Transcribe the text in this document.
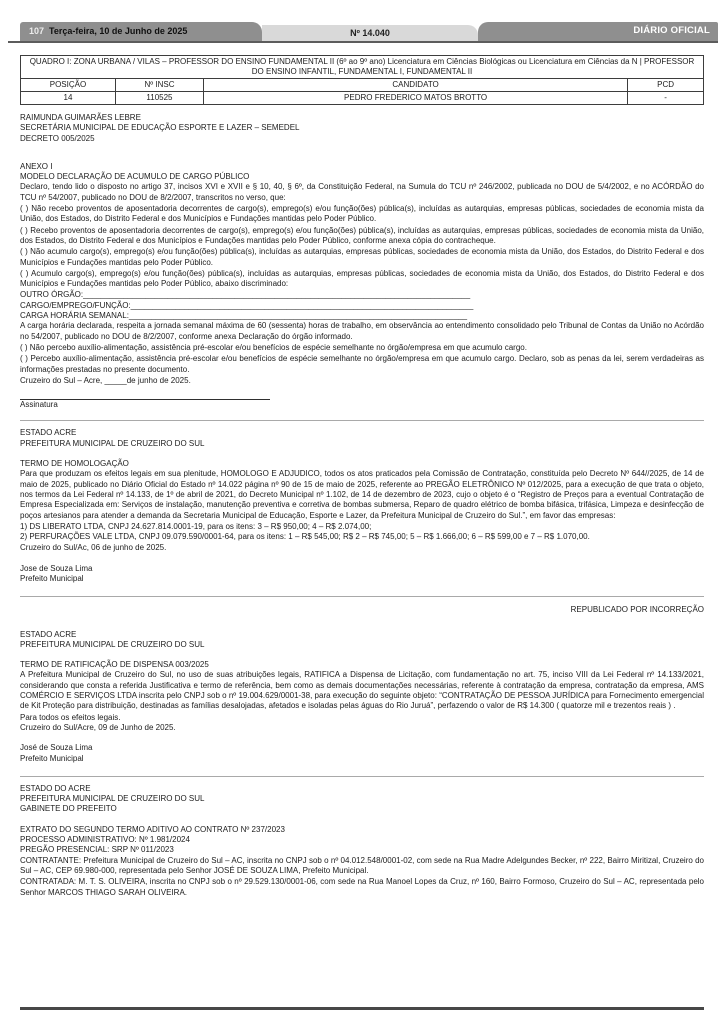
107 Terça-feira, 10 de Junho de 2025	Nº 14.040	DIÁRIO OFICIAL
QUADRO I: ZONA URBANA / VILAS – PROFESSOR DO ENSINO FUNDAMENTAL II (6º ao 9º ano) Licenciatura em Ciências Biológicas ou Licenciatura em Ciências da N | PROFESSOR DO ENSINO INFANTIL, FUNDAMENTAL I, FUNDAMENTAL II			
POSIÇÃO	Nº INSC	CANDIDATO	PCD
14	110525	PEDRO FREDERICO MATOS BROTTO	-
RAIMUNDA GUIMARÃES LEBRE
SECRETÁRIA MUNICIPAL DE EDUCAÇÃO ESPORTE E LAZER – SEMEDEL
DECRETO 005/2025
ANEXO I
MODELO DECLARAÇÃO DE ACUMULO DE CARGO PÚBLICO
Declaro, tendo lido o disposto no artigo 37, incisos XVI e XVII e § 10, 40, § 6º, da Constituição Federal, na Sumula do TCU nº 246/2002, publicada no DOU de 5/4/2002, e no ACÓRDÃO do TCU nº 54/2007, publicado no DOU de 8/2/2007, transcritos no verso, que:
( ) Não recebo proventos de aposentadoria decorrentes de cargo(s), emprego(s) e/ou função(ões) pública(s), incluídas as autarquias, empresas públicas, sociedades de economia mista da União, dos Estados, do Distrito Federal e dos Municípios e Fundações mantidas pelo Poder Público.
( ) Recebo proventos de aposentadoria decorrentes de cargo(s), emprego(s) e/ou função(ões) pública(s), incluídas as autarquias, empresas públicas, sociedades de economia mista da União, dos Estados, do Distrito Federal e dos Municípios e Fundações mantidas pelo Poder Público, conforme anexa cópia do contracheque.
( ) Não acumulo cargo(s), emprego(s) e/ou função(ões) pública(s), incluídas as autarquias, empresas públicas, sociedades de economia mista da União, dos Estados, do Distrito Federal e dos Municípios e Fundações mantidas pelo Poder Público.
( ) Acumulo cargo(s), emprego(s) e/ou função(ões) pública(s), incluídas as autarquias, empresas públicas, sociedades de economia mista da União, dos Estados, do Distrito Federal e dos Municípios e Fundações mantidas pelo Poder Público, abaixo discriminado:
OUTRO ÓRGÃO:_______________________________________________________________________________________
CARGO/EMPREGO/FUNÇÃO:_____________________________________________________________________________
CARGA HORÁRIA SEMANAL:____________________________________________________________________________
A carga horária declarada, respeita a jornada semanal máxima de 60 (sessenta) horas de trabalho, em observância ao entendimento consolidado pelo Tribunal de Contas da União no Acórdão no 54/2007, publicado no DOU de 8/2/2007, conforme anexa Declaração do órgão informado.
( ) Não percebo auxílio-alimentação, assistência pré-escolar e/ou benefícios de espécie semelhante no órgão/empresa em que acumulo cargo.
( ) Percebo auxílio-alimentação, assistência pré-escolar e/ou benefícios de espécie semelhante no órgão/empresa em que acumulo cargo. Declaro, sob as penas da lei, serem verdadeiras as informações prestadas no presente documento.
Cruzeiro do Sul – Acre, _____de junho de 2025.
Assinatura
ESTADO ACRE
PREFEITURA MUNICIPAL DE CRUZEIRO DO SUL
TERMO DE HOMOLOGAÇÃO
Para que produzam os efeitos legais em sua plenitude, HOMOLOGO E ADJUDICO, todos os atos praticados pela Comissão de Contratação, constituída pelo Decreto Nº 644//2025, de 14 de maio de 2025, publicado no Diário Oficial do Estado nº 14.022 página nº 90 de 15 de maio de 2025, referente ao PREGÃO ELETRÔNICO Nº 012/2025, para a execução de que trata o objeto, nos termos da Lei Federal nº 14.133, de 1º de abril de 2021, do Decreto Municipal nº 1.102, de 14 de dezembro de 2023, cujo o objeto é o “Registro de Preços para a eventual Contratação de Empresa Especializada em: Serviços de instalação, manutenção preventiva e corretiva de bombas submersa, Reparo de quadro elétrico de bomba bifásica, trifásica, Limpeza e desinfecção de poços artesianos para atender a demanda da Secretaria Municipal de Educação, Esporte e Lazer, da Prefeitura Municipal de Cruzeiro do Sul.”, em favor das empresas:
1) DS LIBERATO LTDA, CNPJ 24.627.814.0001-19, para os itens: 3 – R$ 950,00; 4 – R$ 2.074,00;
2) PERFURAÇÕES VALE LTDA, CNPJ 09.079.590/0001-64, para os itens: 1 – R$ 545,00; R$ 2 – R$ 745,00; 5 – R$ 1.666,00; 6 – R$ 599,00 e 7 – R$ 1.070,00.
Cruzeiro do Sul/Ac, 06 de junho de 2025.
Jose de Souza Lima
Prefeito Municipal
REPUBLICADO POR INCORREÇÃO
ESTADO ACRE
PREFEITURA MUNICIPAL DE CRUZEIRO DO SUL
TERMO DE RATIFICAÇÃO DE DISPENSA 003/2025
A Prefeitura Municipal de Cruzeiro do Sul, no uso de suas atribuições legais, RATIFICA a Dispensa de Licitação, com fundamentação no art. 75, inciso VIII da Lei Federal nº 14.133/2021, considerando que consta a referida Justificativa e termo de referência, bem como as demais documentações necessárias, referente à contratação da empresa, contratação da empresa, AMS COMÉRCIO E SERVIÇOS LTDA inscrita pelo CNPJ sob o nº 19.004.629/0001-38, para execução do seguinte objeto: “CONTRATAÇÃO DE PESSOA JURÍDICA para Fornecimento emergencial de Kit Proteção para distribuição, destinadas as famílias desalojadas, afetados e isoladas pelas águas do Rio Juruá”, perfazendo o valor de R$ 14.300 ( quatorze mil e trezentos reais ) .
Para todos os efeitos legais.
Cruzeiro do Sul/Acre, 09 de Junho de 2025.
José de Souza Lima
Prefeito Municipal
ESTADO DO ACRE
PREFEITURA MUNICIPAL DE CRUZEIRO DO SUL
GABINETE DO PREFEITO
EXTRATO DO SEGUNDO TERMO ADITIVO AO CONTRATO Nº 237/2023
PROCESSO ADMINISTRATIVO: Nº 1.981/2024
PREGÃO PRESENCIAL: SRP Nº 011/2023
CONTRATANTE: Prefeitura Municipal de Cruzeiro do Sul – AC, inscrita no CNPJ sob o nº 04.012.548/0001-02, com sede na Rua Madre Adelgundes Becker, nº 222, Bairro Miritizal, Cruzeiro do Sul – AC, CEP 69.980-000, representada pelo Senhor JOSÉ DE SOUZA LIMA, Prefeito Municipal.
CONTRATADA: M. T. S. OLIVEIRA, inscrita no CNPJ sob o nº 29.529.130/0001-06, com sede na Rua Manoel Lopes da Cruz, nº 160, Bairro Formoso, Cruzeiro do Sul – AC, representada pelo Senhor MARCOS THIAGO SARAH OLIVEIRA.
